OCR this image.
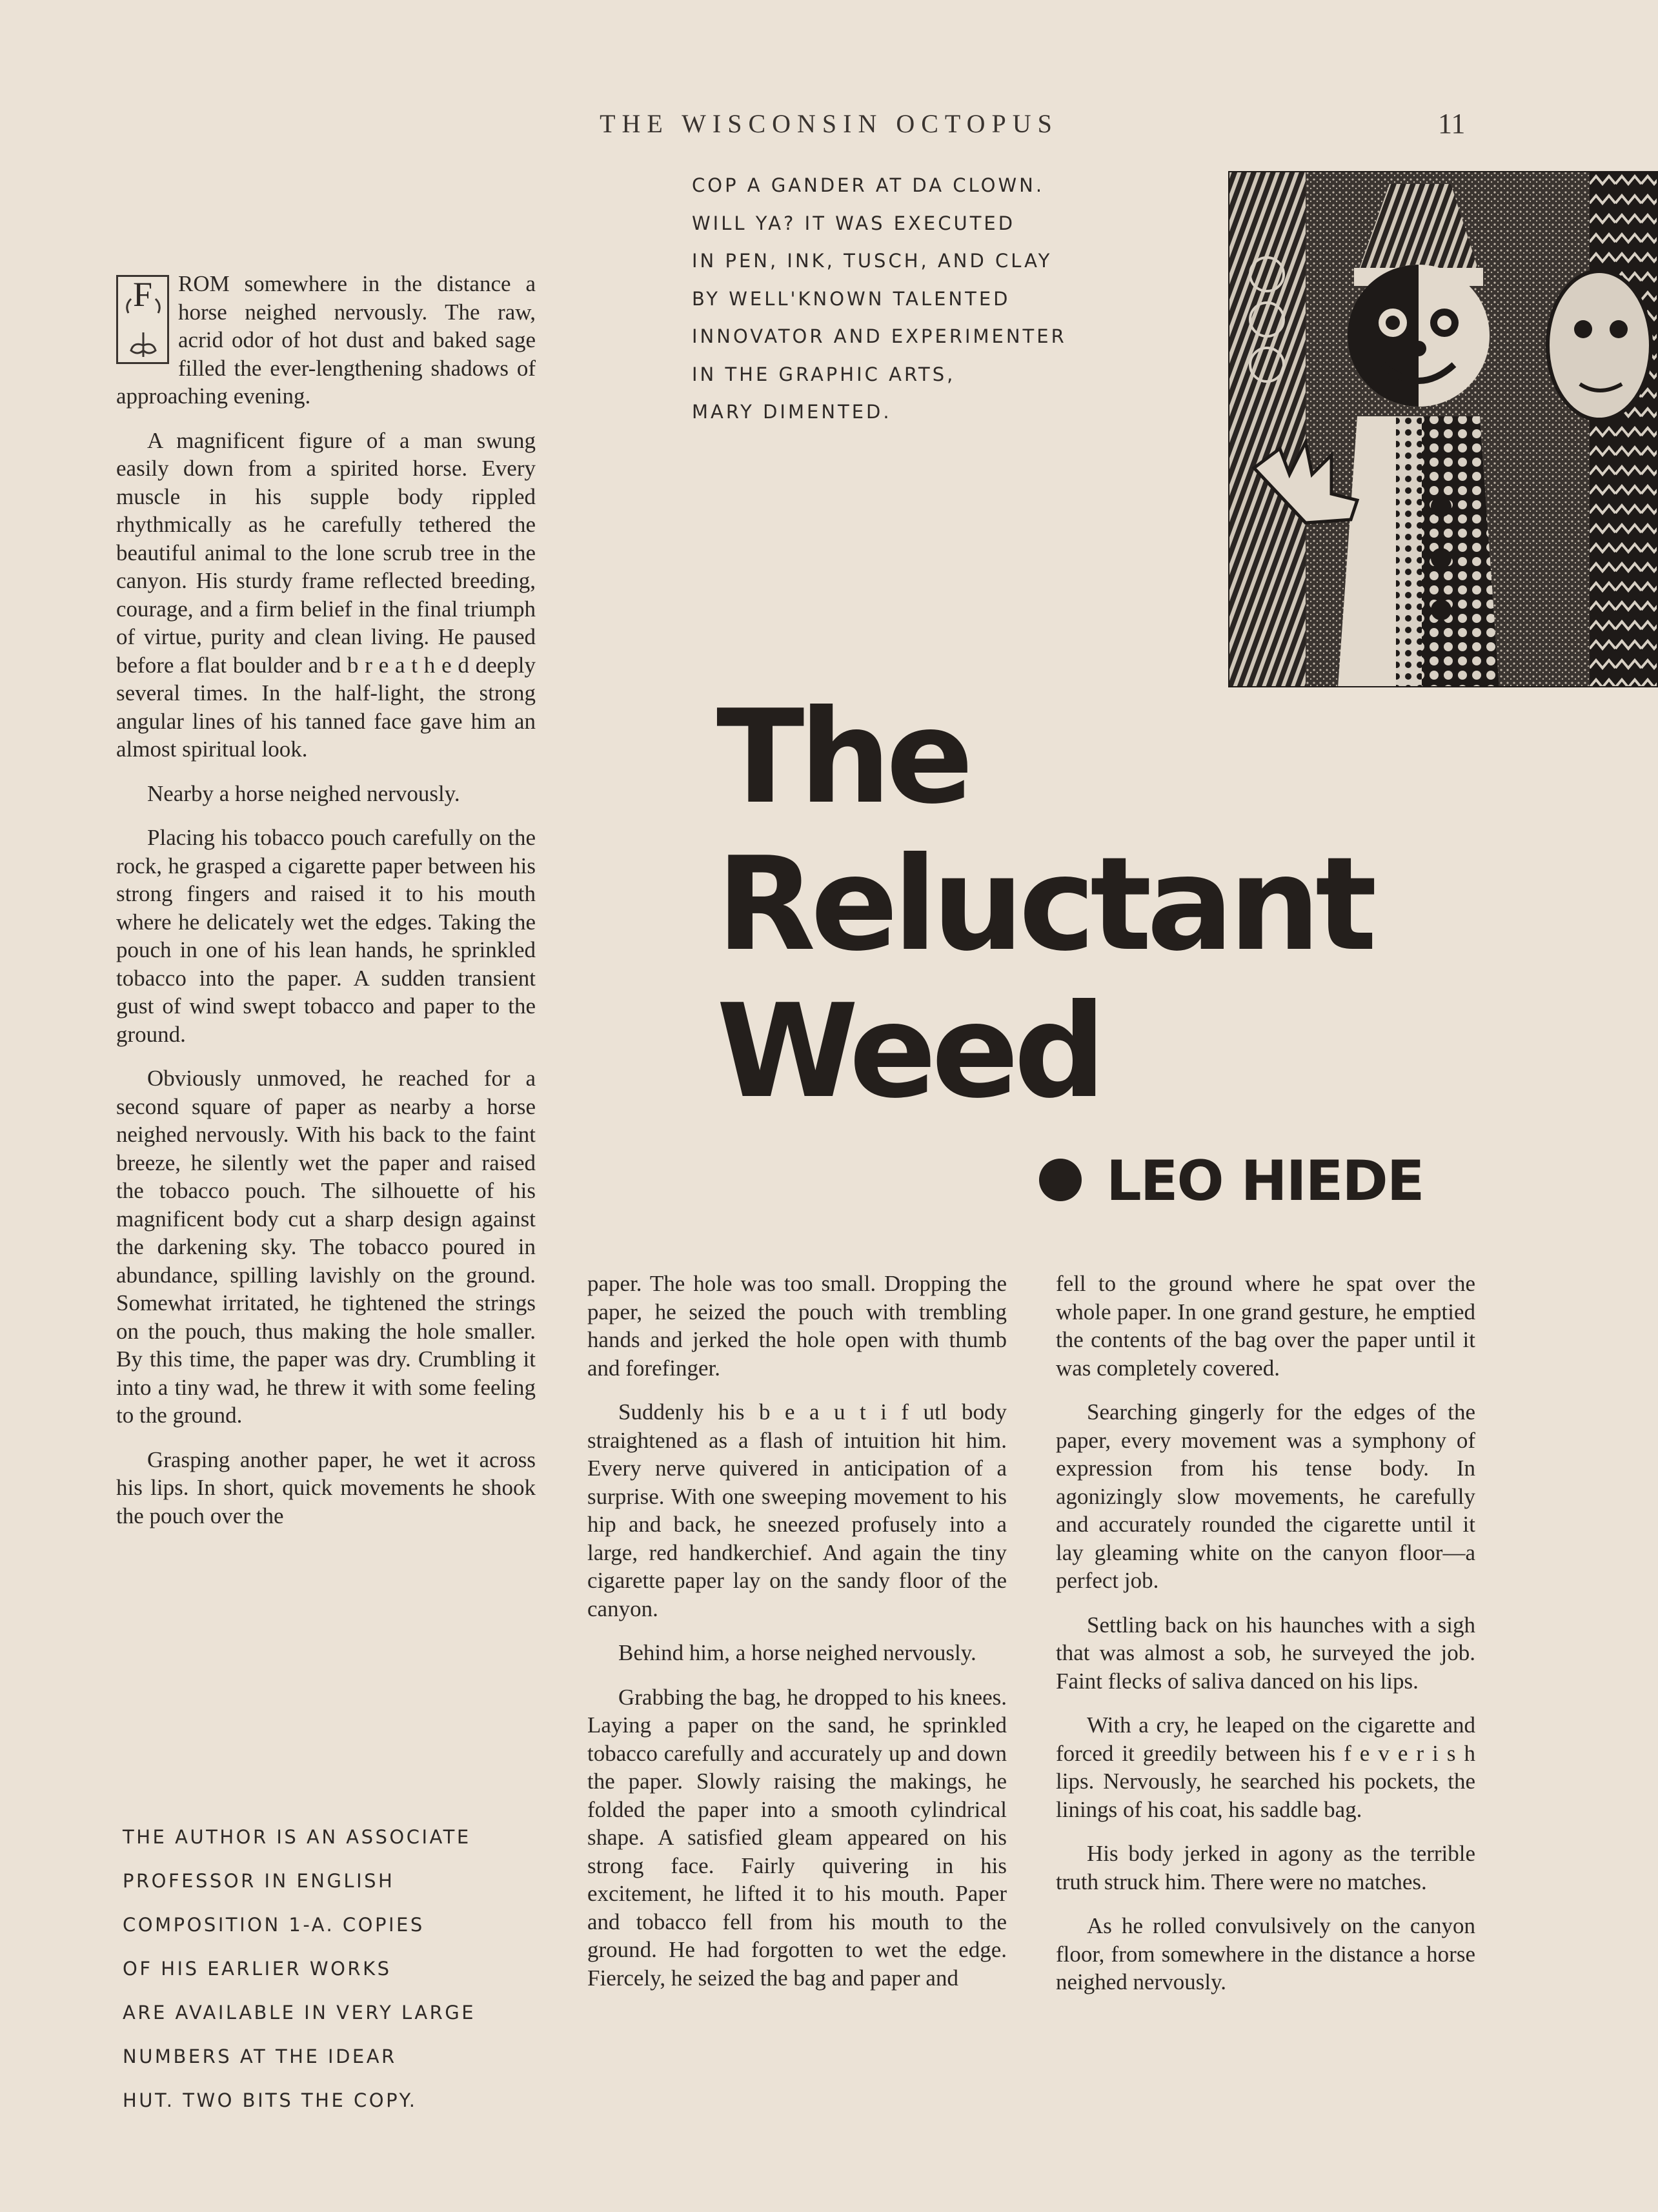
THE WISCONSIN OCTOPUS	11
COP A GANDER AT DA CLOWN.
WILL YA? IT WAS EXECUTED
IN PEN, INK, TUSCH, AND CLAY
BY WELL'KNOWN TALENTED
INNOVATOR AND EXPERIMENTER
IN THE GRAPHIC ARTS,
MARY DIMENTED.
F	ROM somewhere in the distance a horse neighed nervously. The raw, acrid odor of hot dust and baked sage filled the ever-lengthening shadows of approaching evening.

A magnificent figure of a man swung easily down from a spirited horse. Every muscle in his supple body rippled rhythmically as he carefully tethered the beautiful animal to the lone scrub tree in the canyon. His sturdy frame reflected breeding, courage, and a firm belief in the final triumph of virtue, purity and clean living. He paused before a flat boulder and b r e a t h e d deeply several times. In the half-light, the strong angular lines of his tanned face gave him an almost spiritual look.

Nearby a horse neighed nervously.

Placing his tobacco pouch carefully on the rock, he grasped a cigarette paper between his strong fingers and raised it to his mouth where he delicately wet the edges. Taking the pouch in one of his lean hands, he sprinkled tobacco into the paper. A sudden transient gust of wind swept tobacco and paper to the ground.

Obviously unmoved, he reached for a second square of paper as nearby a horse neighed nervously. With his back to the faint breeze, he silently wet the paper and raised the tobacco pouch. The silhouette of his magnificent body cut a sharp design against the darkening sky. The tobacco poured in abundance, spilling lavishly on the ground. Somewhat irritated, he tightened the strings on the pouch, thus making the hole smaller. By this time, the paper was dry. Crumbling it into a tiny wad, he threw it with some feeling to the ground.

Grasping another paper, he wet it across his lips. In short, quick movements he shook the pouch over the

The
Reluctant
Weed
LEO HIEDE

paper. The hole was too small. Dropping the paper, he seized the pouch with trembling hands and jerked the hole open with thumb and forefinger.

Suddenly his b e a u t i f utl body straightened as a flash of intuition hit him. Every nerve quivered in anticipation of a surprise. With one sweeping movement to his hip and back, he sneezed profusely into a large, red handkerchief. And again the tiny cigarette paper lay on the sandy floor of the canyon.

Behind him, a horse neighed nervously.

Grabbing the bag, he dropped to his knees. Laying a paper on the sand, he sprinkled tobacco carefully and accurately up and down the paper. Slowly raising the makings, he folded the paper into a smooth cylindrical shape. A satisfied gleam appeared on his strong face. Fairly quivering in his excitement, he lifted it to his mouth. Paper and tobacco fell from his mouth to the ground. He had forgotten to wet the edge. Fiercely, he seized the bag and paper and

fell to the ground where he spat over the whole paper. In one grand gesture, he emptied the contents of the bag over the paper until it was completely covered.

Searching gingerly for the edges of the paper, every movement was a symphony of expression from his tense body. In agonizingly slow movements, he carefully and accurately rounded the cigarette until it lay gleaming white on the canyon floor—a perfect job.

Settling back on his haunches with a sigh that was almost a sob, he surveyed the job. Faint flecks of saliva danced on his lips.

With a cry, he leaped on the cigarette and forced it greedily between his f e v e r i s h lips. Nervously, he searched his pockets, the linings of his coat, his saddle bag.

His body jerked in agony as the terrible truth struck him. There were no matches.

As he rolled convulsively on the canyon floor, from somewhere in the distance a horse neighed nervously.

THE AUTHOR IS AN ASSOCIATE
PROFESSOR IN ENGLISH
COMPOSITION 1-A. COPIES
OF HIS EARLIER WORKS
ARE AVAILABLE IN VERY LARGE
NUMBERS AT THE IDEAR
HUT. TWO BITS THE COPY.
